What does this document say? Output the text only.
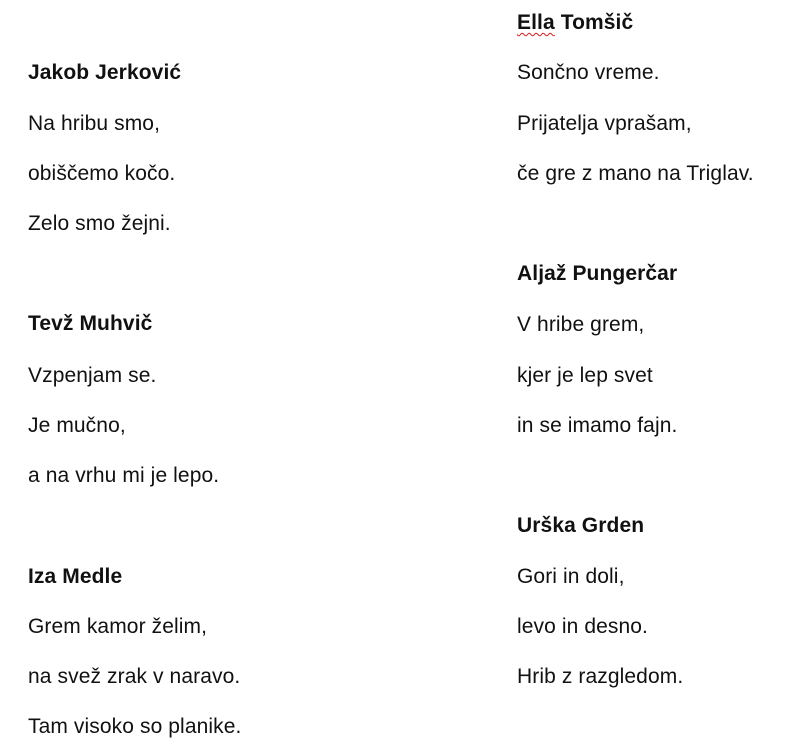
Jakob Jerković
Na hribu smo,
obiščemo kočo.
Zelo smo žejni.
Tevž Muhvič
Vzpenjam se.
Je mučno,
a na vrhu mi je lepo.
Iza Medle
Grem kamor želim,
na svež zrak v naravo.
Tam visoko so planike.
Ella Tomšič
Sončno vreme.
Prijatelja vprašam,
če gre z mano na Triglav.
Aljaž Pungerčar
V hribe grem,
kjer je lep svet
in se imamo fajn.
Urška Grden
Gori in doli,
levo in desno.
Hrib z razgledom.
